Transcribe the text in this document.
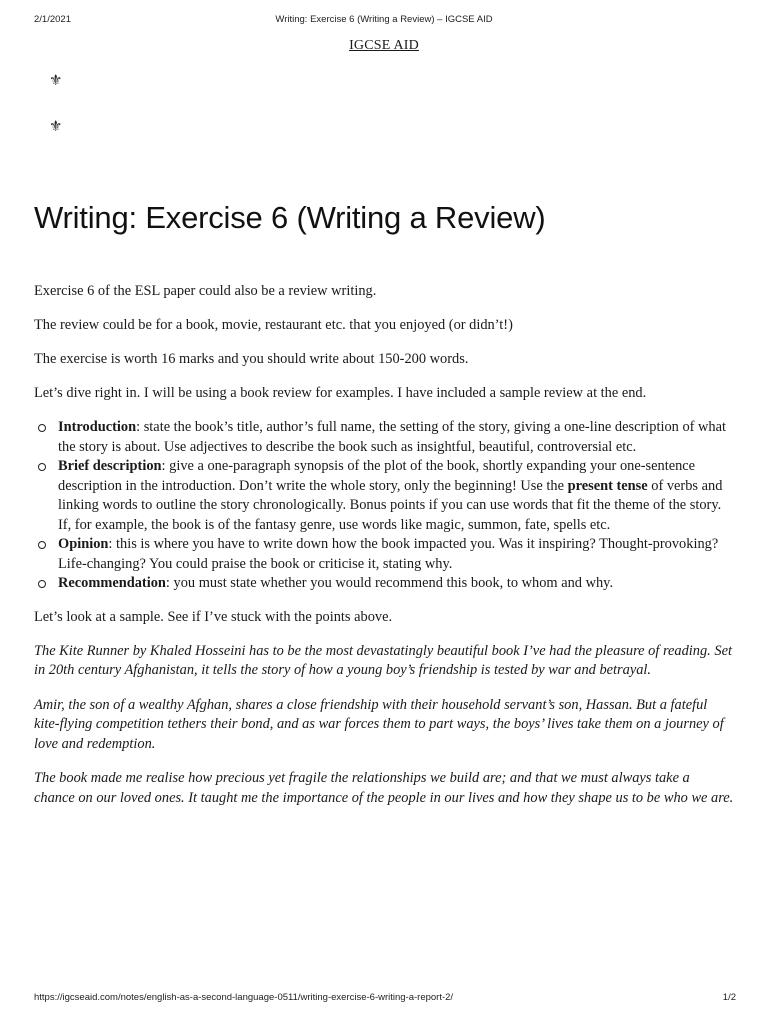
2/1/2021	Writing: Exercise 6 (Writing a Review) – IGCSE AID
IGCSE AID
⚜
⚜
Writing: Exercise 6 (Writing a Review)

Exercise 6 of the ESL paper could also be a review writing.

The review could be for a book, movie, restaurant etc. that you enjoyed (or didn’t!)

The exercise is worth 16 marks and you should write about 150-200 words.

Let’s dive right in. I will be using a book review for examples. I have included a sample review at the end.

Introduction: state the book’s title, author’s full name, the setting of the story, giving a one-line description of what the story is about. Use adjectives to describe the book such as insightful, beautiful, controversial etc.
Brief description: give a one-paragraph synopsis of the plot of the book, shortly expanding your one-sentence description in the introduction. Don’t write the whole story, only the beginning! Use the present tense of verbs and linking words to outline the story chronologically. Bonus points if you can use words that fit the theme of the story. If, for example, the book is of the fantasy genre, use words like magic, summon, fate, spells etc.
Opinion: this is where you have to write down how the book impacted you. Was it inspiring? Thought-provoking? Life-changing? You could praise the book or criticise it, stating why.
Recommendation: you must state whether you would recommend this book, to whom and why.

Let’s look at a sample. See if I’ve stuck with the points above.

The Kite Runner by Khaled Hosseini has to be the most devastatingly beautiful book I’ve had the pleasure of reading. Set in 20th century Afghanistan, it tells the story of how a young boy’s friendship is tested by war and betrayal.

Amir, the son of a wealthy Afghan, shares a close friendship with their household servant’s son, Hassan. But a fateful kite-flying competition tethers their bond, and as war forces them to part ways, the boys’ lives take them on a journey of love and redemption.

The book made me realise how precious yet fragile the relationships we build are; and that we must always take a chance on our loved ones. It taught me the importance of the people in our lives and how they shape us to be who we are.

https://igcseaid.com/notes/english-as-a-second-language-0511/writing-exercise-6-writing-a-report-2/	1/2
